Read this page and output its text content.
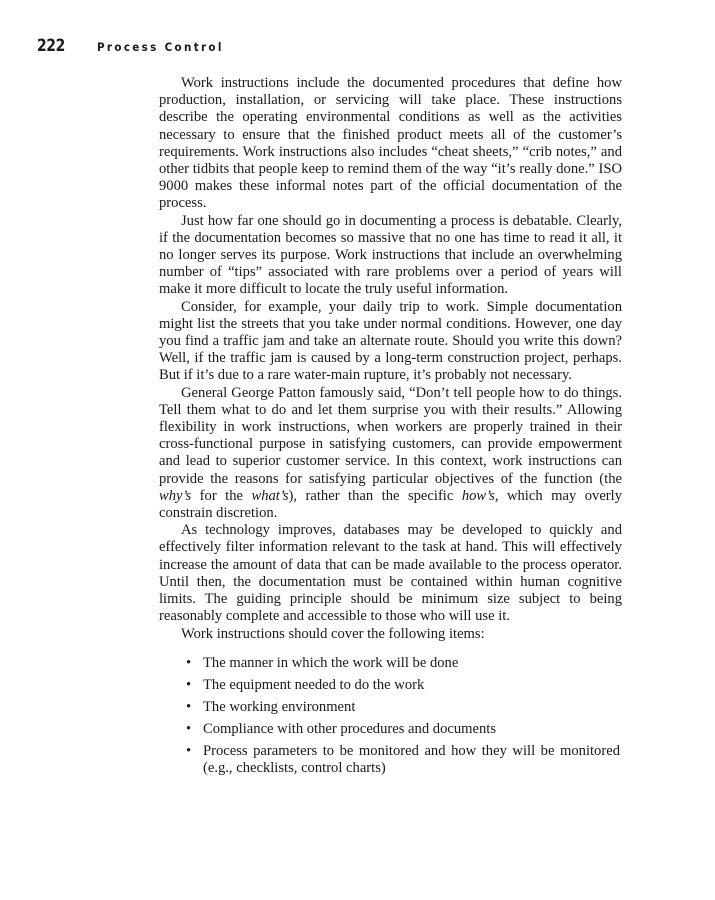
222	Process Control

Work instructions include the documented procedures that define how production, installation, or servicing will take place. These instructions describe the operating environmental conditions as well as the activities necessary to ensure that the finished product meets all of the customer’s requirements. Work instructions also includes “cheat sheets,” “crib notes,” and other tidbits that people keep to remind them of the way “it’s really done.” ISO 9000 makes these informal notes part of the official documentation of the process.

Just how far one should go in documenting a process is debatable. Clearly, if the documentation becomes so massive that no one has time to read it all, it no longer serves its purpose. Work instructions that include an overwhelming number of “tips” associated with rare problems over a period of years will make it more difficult to locate the truly useful information.

Consider, for example, your daily trip to work. Simple documentation might list the streets that you take under normal conditions. However, one day you find a traffic jam and take an alternate route. Should you write this down? Well, if the traffic jam is caused by a long-term construction project, perhaps. But if it’s due to a rare water-main rupture, it’s probably not necessary.

General George Patton famously said, “Don’t tell people how to do things. Tell them what to do and let them surprise you with their results.” Allowing flexibility in work instructions, when workers are properly trained in their cross-functional purpose in satisfying customers, can provide empowerment and lead to superior customer service. In this context, work instructions can provide the reasons for satisfying particular objectives of the function (the why’s for the what’s), rather than the specific how’s, which may overly constrain discretion.

As technology improves, databases may be developed to quickly and effectively filter information relevant to the task at hand. This will effectively increase the amount of data that can be made available to the process operator. Until then, the documentation must be contained within human cognitive limits. The guiding principle should be minimum size subject to being reasonably complete and accessible to those who will use it.

Work instructions should cover the following items:

• The manner in which the work will be done
• The equipment needed to do the work
• The working environment
• Compliance with other procedures and documents
• Process parameters to be monitored and how they will be monitored (e.g., checklists, control charts)
